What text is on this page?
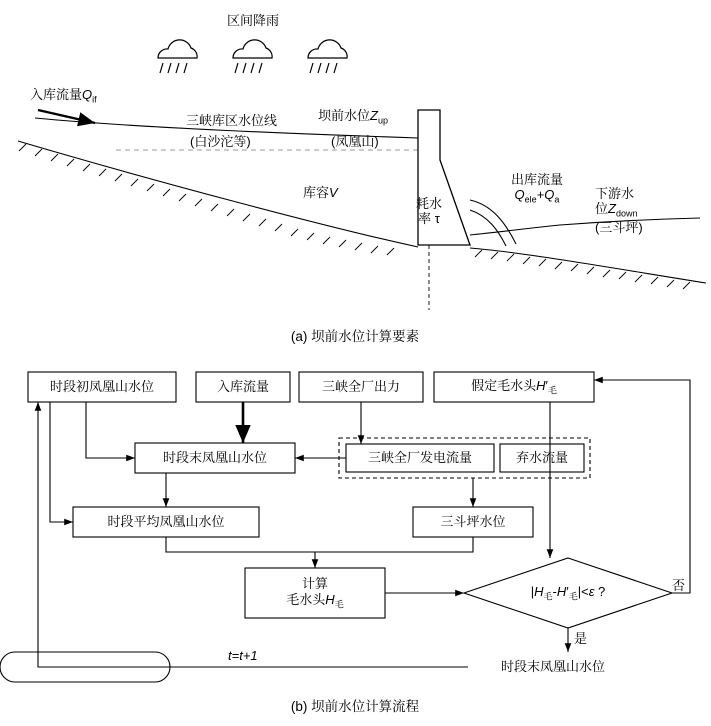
区间降雨
入库流量$Q_{if}$
三峡库区水位线
(白沙沱等)
坝前水位$Z_{up}$
(凤凰山)
库容V
耗水
率 τ
出库流量
$Q_{ele}+Q_a$	下游水
位$Z_{down}$
(三斗坪)
(a) 坝前水位计算要素
时段初凤凰山水位	入库流量	三峡全厂出力	假定毛水头$H'_毛$
时段末凤凰山水位	三峡全厂发电流量	弃水流量
时段平均凤凰山水位	三斗坪水位
计算
毛水头$H_毛$
$|H_毛-H'_毛|<\varepsilon$ ?
时段末凤凰山水位
否
是
t=t+1
(b) 坝前水位计算流程
